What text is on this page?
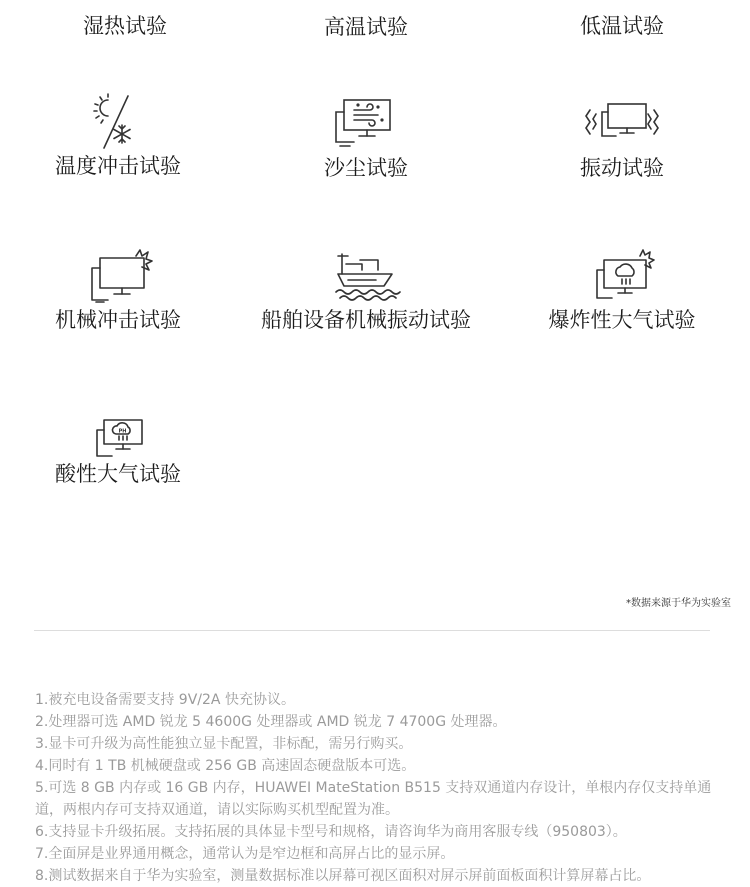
湿热试验	高温试验	低温试验
温度冲击试验	沙尘试验	振动试验
机械冲击试验	船舶设备机械振动试验	爆炸性大气试验
PH
酸性大气试验
*数据来源于华为实验室

1.被充电设备需要支持 9V/2A 快充协议。

2.处理器可选 AMD 锐龙 5 4600G 处理器或 AMD 锐龙 7 4700G 处理器。

3.显卡可升级为高性能独立显卡配置，非标配，需另行购买。

4.同时有 1 TB 机械硬盘或 256 GB 高速固态硬盘版本可选。

5.可选 8 GB 内存或 16 GB 内存，HUAWEI MateStation B515 支持双通道内存设计，单根内存仅支持单通道，两根内存可支持双通道，请以实际购买机型配置为准。

6.支持显卡升级拓展。支持拓展的具体显卡型号和规格，请咨询华为商用客服专线（950803）。

7.全面屏是业界通用概念，通常认为是窄边框和高屏占比的显示屏。

8.测试数据来自于华为实验室，测量数据标准以屏幕可视区面积对屏示屏前面板面积计算屏幕占比。
